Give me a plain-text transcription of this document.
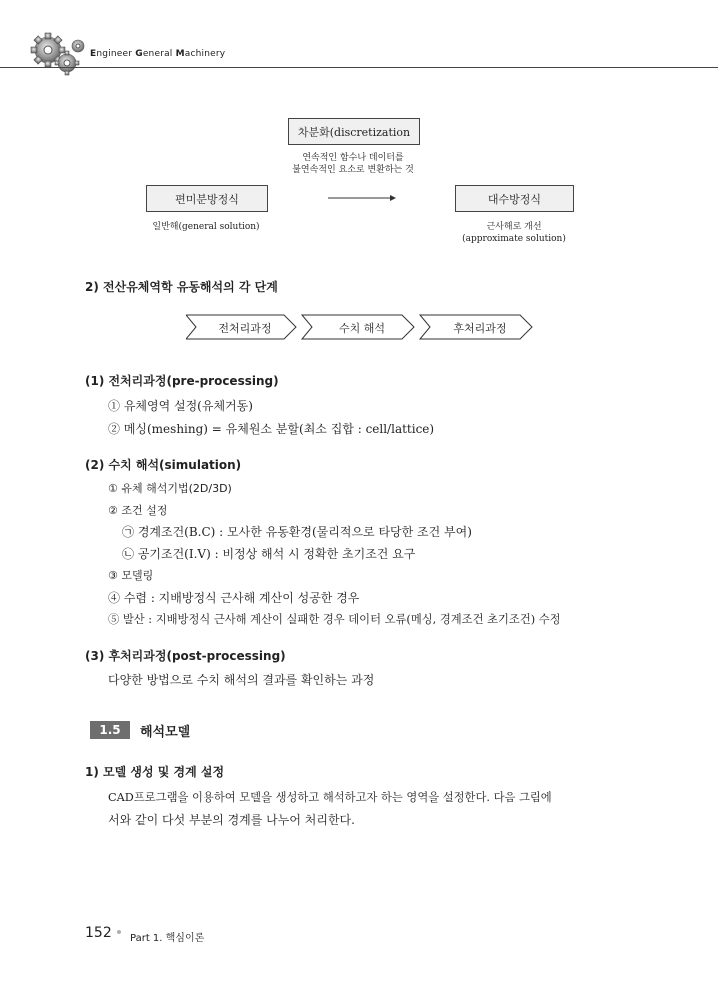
Engineer General Machinery
차분화(discretization
연속적인 함수나 데이터를
불연속적인 요소로 변환하는 것
편미분방정식
일반해(general solution)
대수방정식
근사해로 개선
(approximate solution)
2) 전산유체역학 유동해석의 각 단계
전처리과정	수치 해석	후처리과정
(1) 전처리과정(pre-processing)
① 유체영역 설정(유체거동)
② 메싱(meshing) = 유체원소 분할(최소 집합 : cell/lattice)
(2) 수치 해석(simulation)
① 유체 해석기법(2D/3D)
② 조건 설정
㉠ 경계조건(B.C) : 모사한 유동환경(물리적으로 타당한 조건 부여)
㉡ 공기조건(I.V) : 비정상 해석 시 정확한 초기조건 요구
③ 모델링
④ 수렴 : 지배방정식 근사해 계산이 성공한 경우
⑤ 발산 : 지배방정식 근사해 계산이 실패한 경우 데이터 오류(메싱, 경계조건 초기조건) 수정
(3) 후처리과정(post-processing)
다양한 방법으로 수치 해석의 결과를 확인하는 과정
1.5	해석모델
1) 모델 생성 및 경계 설정
CAD프로그램을 이용하여 모델을 생성하고 해석하고자 하는 영역을 설정한다. 다음 그림에
서와 같이 다섯 부분의 경계를 나누어 처리한다.
152 Part 1. 핵심이론
